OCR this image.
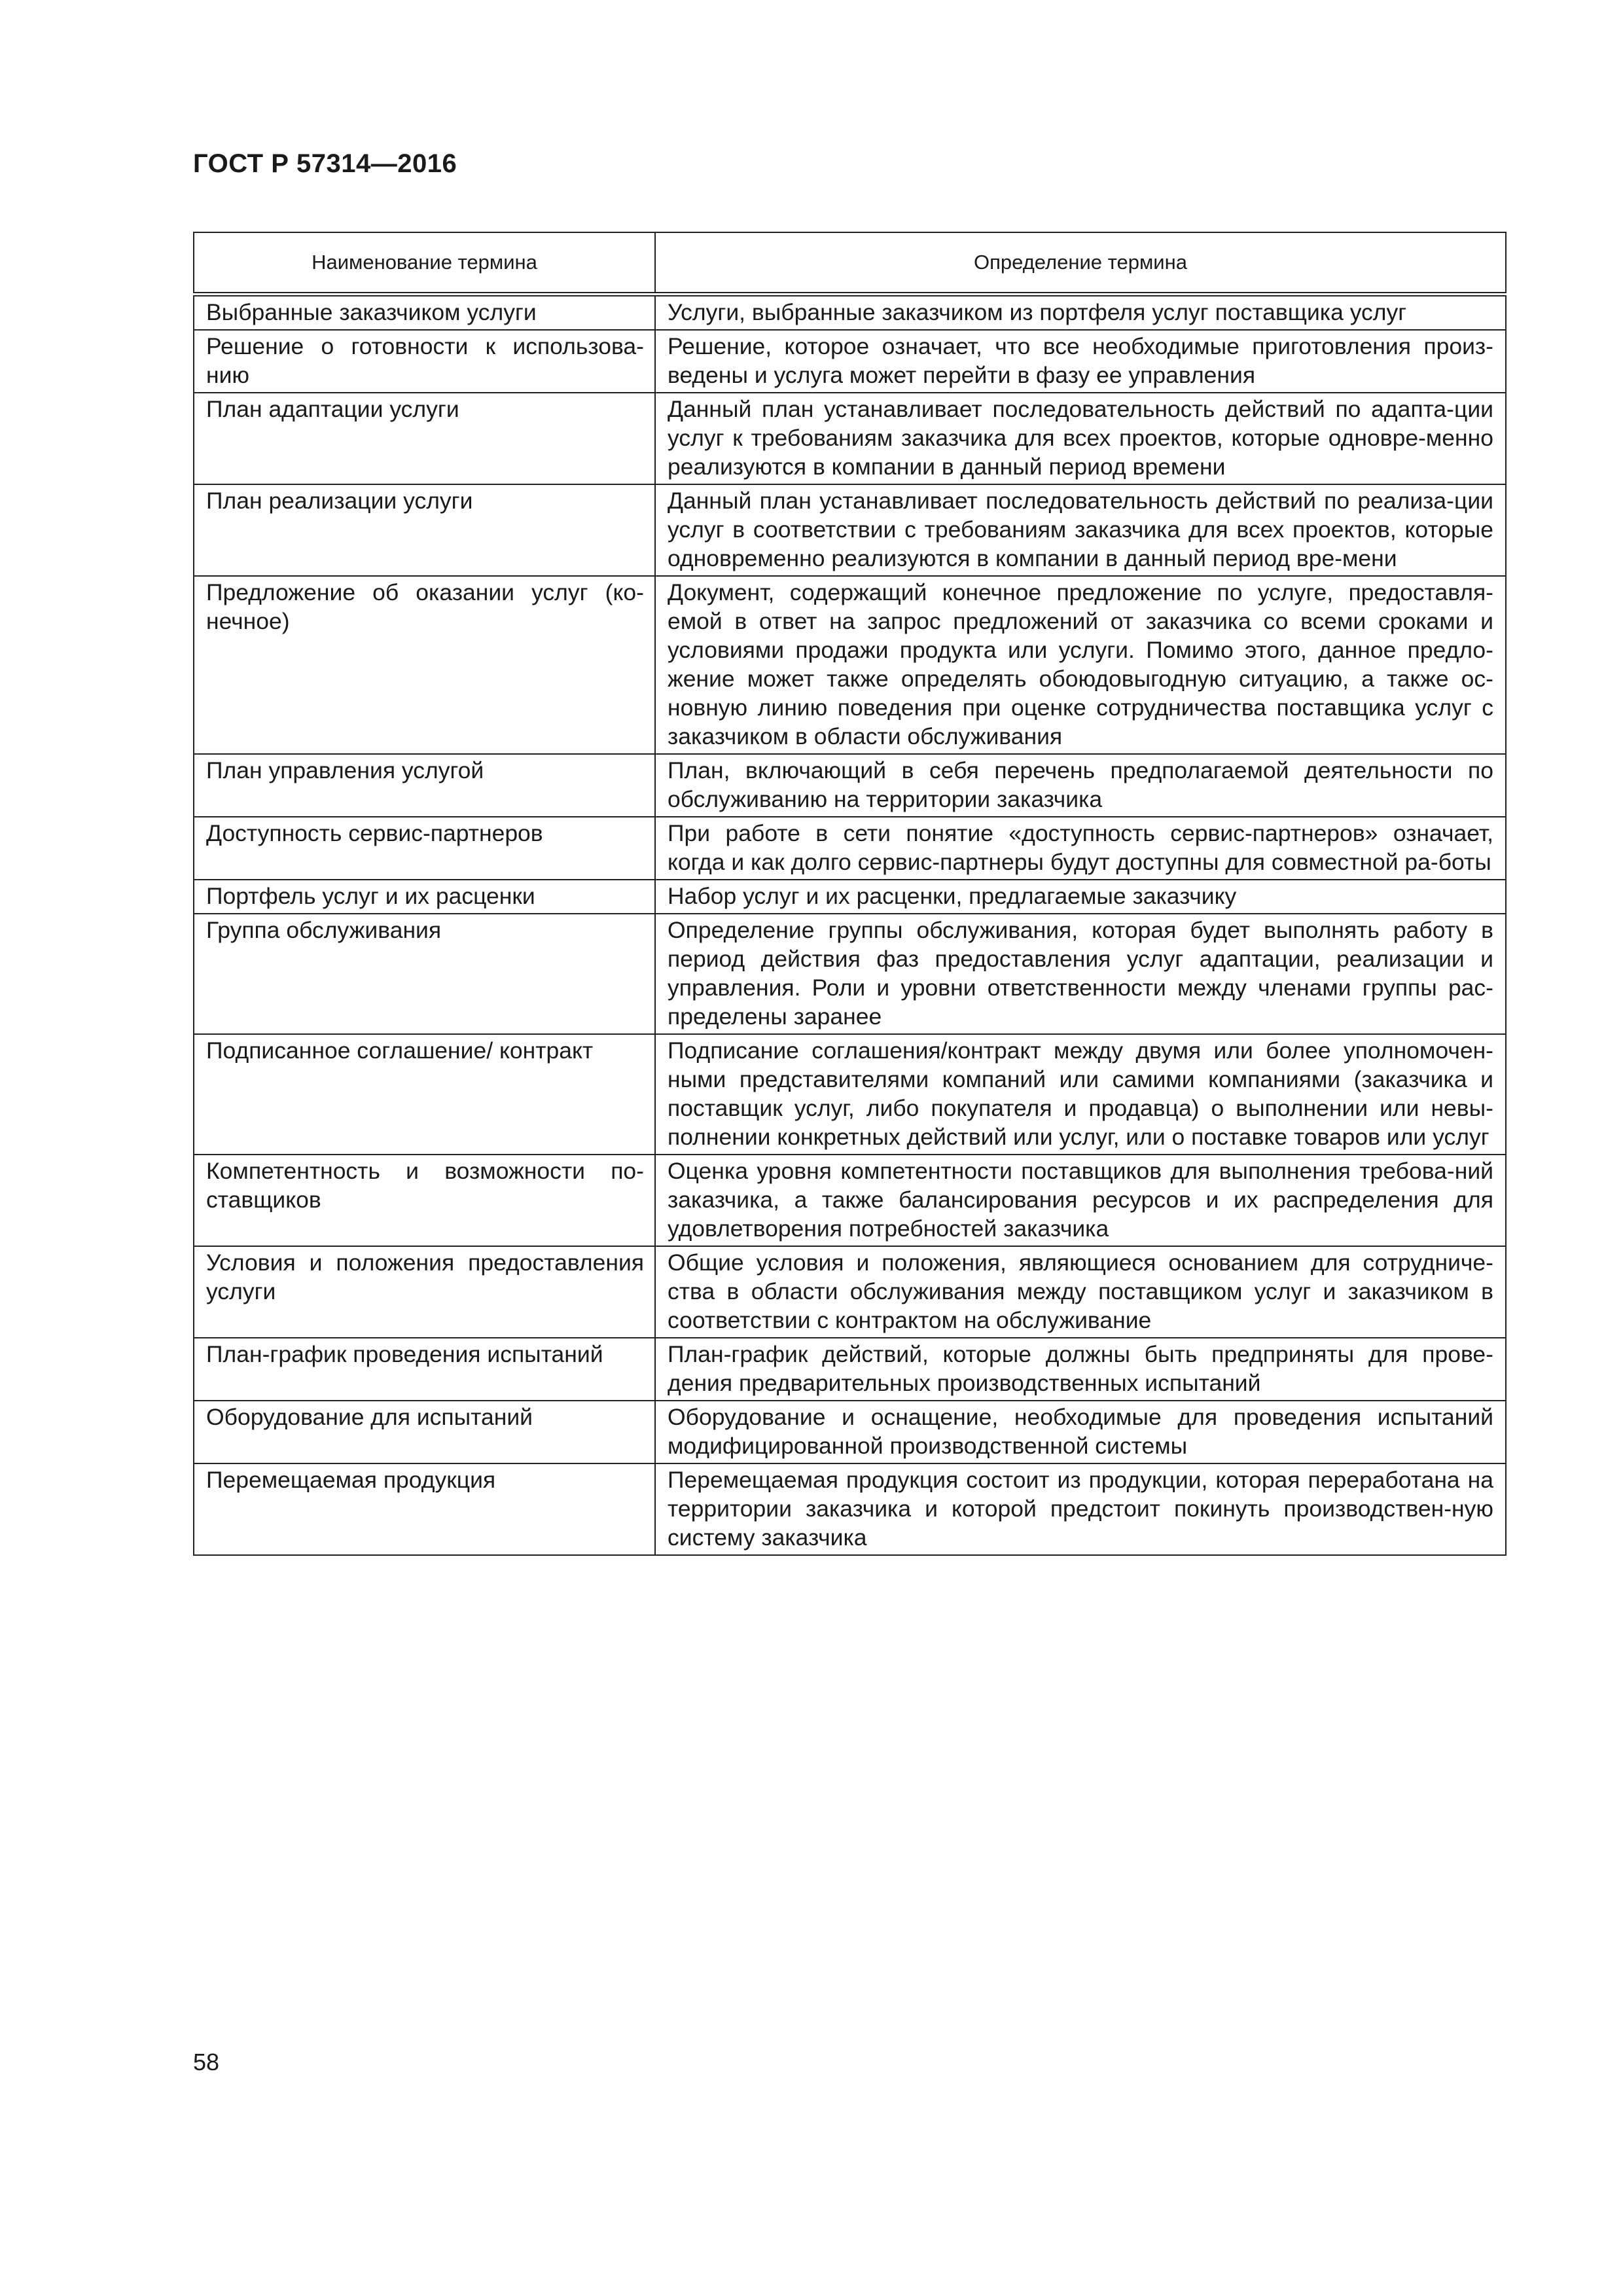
ГОСТ Р 57314—2016
Наименование термина	Определение термина
Выбранные заказчиком услуги	Услуги, выбранные заказчиком из портфеля услуг поставщика услуг
Решение о готовности к использова-нию	Решение, которое означает, что все необходимые приготовления произ-ведены и услуга может перейти в фазу ее управления
План адаптации услуги	Данный план устанавливает последовательность действий по адапта-ции услуг к требованиям заказчика для всех проектов, которые одновре-менно реализуются в компании в данный период времени
План реализации услуги	Данный план устанавливает последовательность действий по реализа-ции услуг в соответствии с требованиям заказчика для всех проектов, которые одновременно реализуются в компании в данный период вре-мени
Предложение об оказании услуг (ко-нечное)	Документ, содержащий конечное предложение по услуге, предоставля-емой в ответ на запрос предложений от заказчика со всеми сроками и условиями продажи продукта или услуги. Помимо этого, данное предло-жение может также определять обоюдовыгодную ситуацию, а также ос-новную линию поведения при оценке сотрудничества поставщика услуг с заказчиком в области обслуживания
План управления услугой	План, включающий в себя перечень предполагаемой деятельности по обслуживанию на территории заказчика
Доступность сервис-партнеров	При работе в сети понятие «доступность сервис-партнеров» означает, когда и как долго сервис-партнеры будут доступны для совместной ра-боты
Портфель услуг и их расценки	Набор услуг и их расценки, предлагаемые заказчику
Группа обслуживания	Определение группы обслуживания, которая будет выполнять работу в период действия фаз предоставления услуг адаптации, реализации и управления. Роли и уровни ответственности между членами группы рас-пределены заранее
Подписанное соглашение/ контракт	Подписание соглашения/контракт между двумя или более уполномочен-ными представителями компаний или самими компаниями (заказчика и поставщик услуг, либо покупателя и продавца) о выполнении или невы-полнении конкретных действий или услуг, или о поставке товаров или услуг
Компетентность и возможности по-ставщиков	Оценка уровня компетентности поставщиков для выполнения требова-ний заказчика, а также балансирования ресурсов и их распределения для удовлетворения потребностей заказчика
Условия и положения предоставления услуги	Общие условия и положения, являющиеся основанием для сотрудниче-ства в области обслуживания между поставщиком услуг и заказчиком в соответствии с контрактом на обслуживание
План-график проведения испытаний	План-график действий, которые должны быть предприняты для прове-дения предварительных производственных испытаний
Оборудование для испытаний	Оборудование и оснащение, необходимые для проведения испытаний модифицированной производственной системы
Перемещаемая продукция	Перемещаемая продукция состоит из продукции, которая переработана на территории заказчика и которой предстоит покинуть производствен-ную систему заказчика
58
